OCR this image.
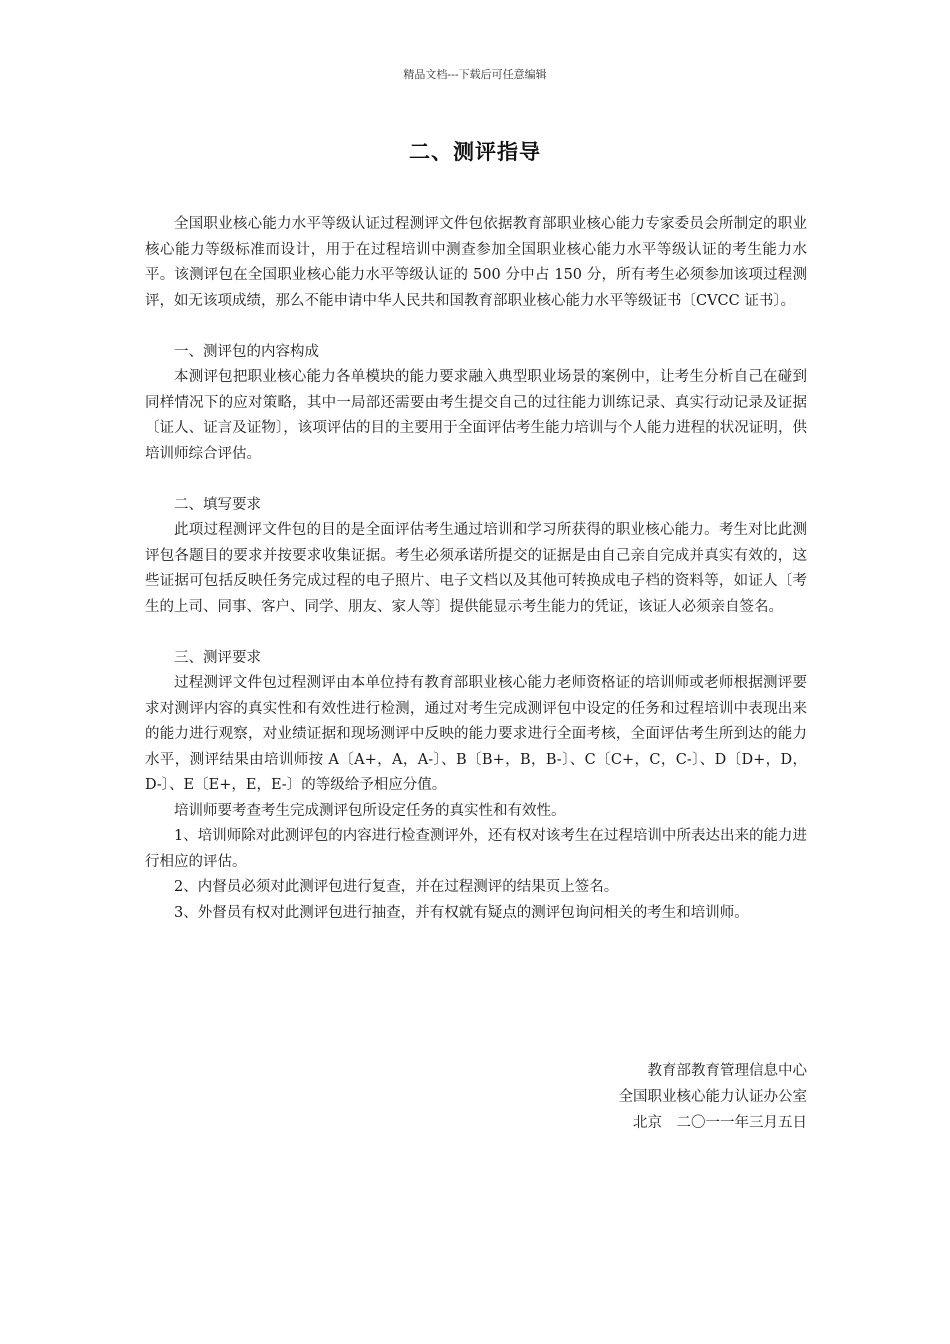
精品文档---下载后可任意编辑
二、测评指导

全国职业核心能力水平等级认证过程测评文件包依据教育部职业核心能力专家委员会所制定的职业核心能力等级标准而设计，用于在过程培训中测查参加全国职业核心能力水平等级认证的考生能力水平。该测评包在全国职业核心能力水平等级认证的 500 分中占 150 分，所有考生必须参加该项过程测评，如无该项成绩，那么不能申请中华人民共和国教育部职业核心能力水平等级证书〔CVCC 证书〕。

一、测评包的内容构成

本测评包把职业核心能力各单模块的能力要求融入典型职业场景的案例中，让考生分析自己在碰到同样情况下的应对策略，其中一局部还需要由考生提交自己的过往能力训练记录、真实行动记录及证据〔证人、证言及证物〕，该项评估的目的主要用于全面评估考生能力培训与个人能力进程的状况证明，供培训师综合评估。

二、填写要求

此项过程测评文件包的目的是全面评估考生通过培训和学习所获得的职业核心能力。考生对比此测评包各题目的要求并按要求收集证据。考生必须承诺所提交的证据是由自己亲自完成并真实有效的，这些证据可包括反映任务完成过程的电子照片、电子文档以及其他可转换成电子档的资料等，如证人〔考生的上司、同事、客户、同学、朋友、家人等〕提供能显示考生能力的凭证，该证人必须亲自签名。

三、测评要求

过程测评文件包过程测评由本单位持有教育部职业核心能力老师资格证的培训师或老师根据测评要求对测评内容的真实性和有效性进行检测，通过对考生完成测评包中设定的任务和过程培训中表现出来的能力进行观察，对业绩证据和现场测评中反映的能力要求进行全面考核，全面评估考生所到达的能力水平，测评结果由培训师按 A〔A+，A，A-〕、B〔B+，B，B-〕、C〔C+，C，C-〕、D〔D+，D，D-〕、E〔E+，E，E-〕的等级给予相应分值。

培训师要考查考生完成测评包所设定任务的真实性和有效性。

1、培训师除对此测评包的内容进行检查测评外，还有权对该考生在过程培训中所表达出来的能力进行相应的评估。

2、内督员必须对此测评包进行复查，并在过程测评的结果页上签名。

3、外督员有权对此测评包进行抽查，并有权就有疑点的测评包询问相关的考生和培训师。

教育部教育管理信息中心
全国职业核心能力认证办公室
北京　二〇一一年三月五日
